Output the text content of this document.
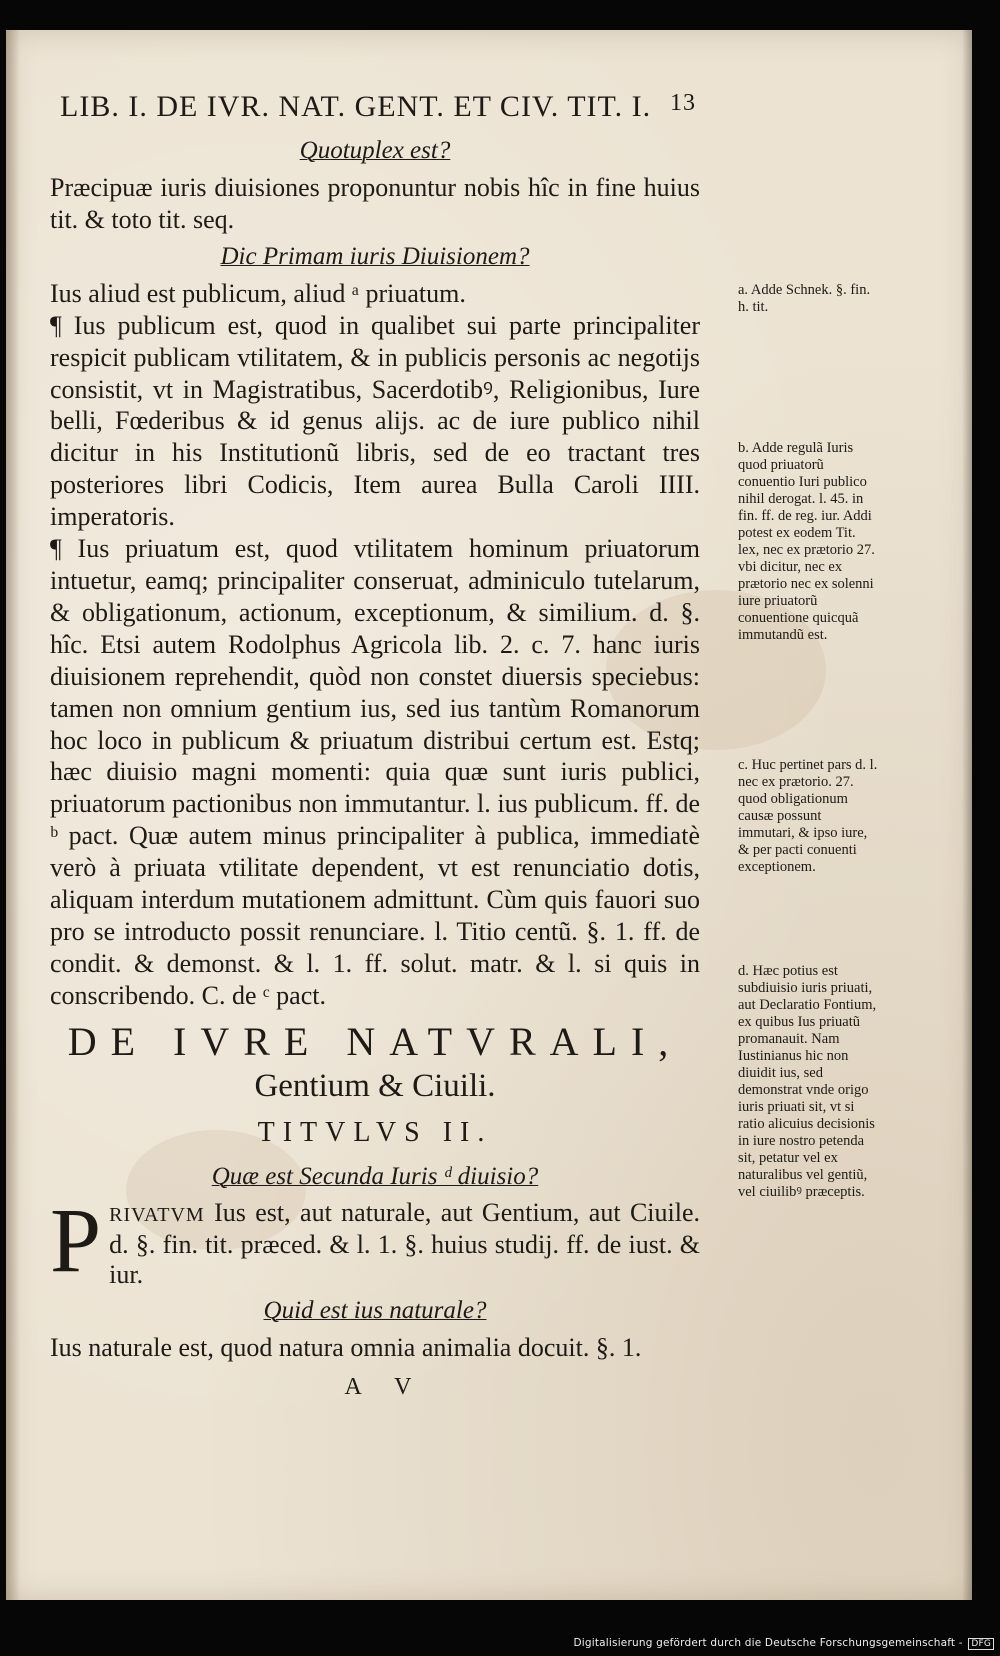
LIB. I. DE IVR. NAT. GENT. ET CIV. TIT. I. 13
Quotuplex est?

Præcipuæ iuris diuisiones proponuntur nobis hîc in fine huius tit. & toto tit. seq.

Dic Primam iuris Diuisionem?

Ius aliud est publicum, aliud ᵃ priuatum.

¶ Ius publicum est, quod in qualibet sui parte principaliter respicit publicam vtilitatem, & in publicis personis ac negotijs consistit, vt in Magistratibus, Sacerdotibꝰ, Religionibus, Iure belli, Fœderibus & id genus alijs. ac de iure publico nihil dicitur in his Institutionũ libris, sed de eo tractant tres posteriores libri Codicis, Item aurea Bulla Caroli IIII. imperatoris.

¶ Ius priuatum est, quod vtilitatem hominum priuatorum intuetur, eamq; principaliter conseruat, adminiculo tutelarum, & obligationum, actionum, exceptionum, & similium. d. §. hîc. Etsi autem Rodolphus Agricola lib. 2. c. 7. hanc iuris diuisionem reprehendit, quòd non constet diuersis speciebus: tamen non omnium gentium ius, sed ius tantùm Romanorum hoc loco in publicum & priuatum distribui certum est. Estq; hæc diuisio magni momenti: quia quæ sunt iuris publici, priuatorum pactionibus non immutantur. l. ius publicum. ff. de ᵇ pact. Quæ autem minus principaliter à publica, immediatè verò à priuata vtilitate dependent, vt est renunciatio dotis, aliquam interdum mutationem admittunt. Cùm quis fauori suo pro se introducto possit renunciare. l. Titio centũ. §. 1. ff. de condit. & demonst. & l. 1. ff. solut. matr. & l. si quis in conscribendo. C. de ᶜ pact.

DE IVRE NATVRALI,
Gentium & Ciuili.
TITVLVS II.
Quæ est Secunda Iuris ᵈ diuisio?
P RIVATVM Ius est, aut naturale, aut Gentium, aut Ciuile. d. §. fin. tit. præced. & l. 1. §. huius studij. ff. de iust. & iur.
Quid est ius naturale?

Ius naturale est, quod natura omnia animalia docuit. §. 1.

A V

a. Adde Schnek. §. fin. h. tit.

b. Adde regulã Iuris quod priuatorũ conuentio Iuri publico nihil derogat. l. 45. in fin. ff. de reg. iur. Addi potest ex eodem Tit. lex, nec ex prætorio 27. vbi dicitur, nec ex prætorio nec ex solenni iure priuatorũ conuentione quicquã immutandũ est.

c. Huc pertinet pars d. l. nec ex prætorio. 27. quod obligationum causæ possunt immutari, & ipso iure, & per pacti conuenti exceptionem.

d. Hæc potius est subdiuisio iuris priuati, aut Declaratio Fontium, ex quibus Ius priuatũ promanauit. Nam Iustinianus hic non diuidit ius, sed demonstrat vnde origo iuris priuati sit, vt si ratio alicuius decisionis in iure nostro petenda sit, petatur vel ex naturalibus vel gentiũ, vel ciuilibꝰ præceptis.

Digitalisierung gefördert durch die Deutsche Forschungsgemeinschaft - DFG
